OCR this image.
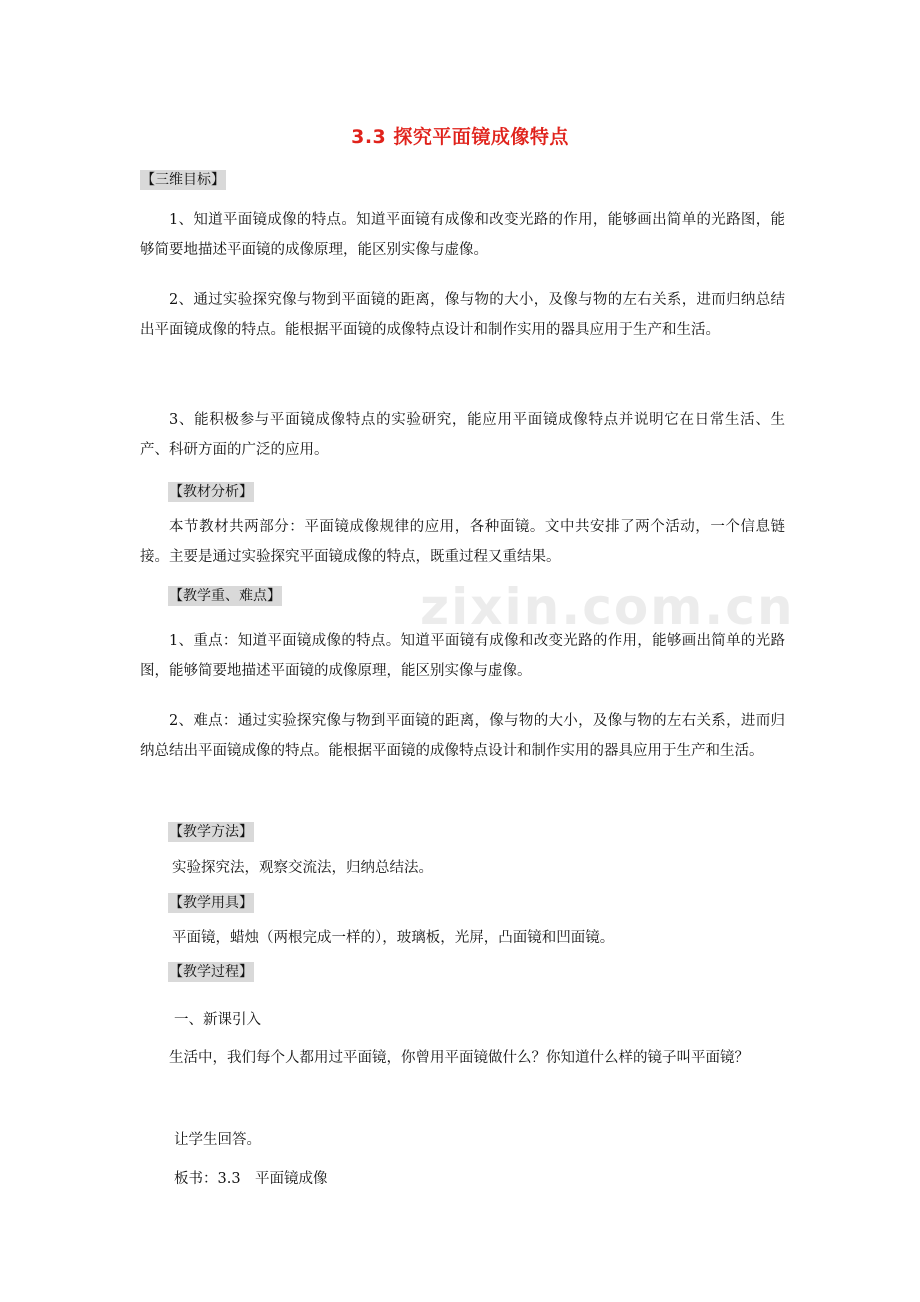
3.3 探究平面镜成像特点
zixin.com.cn
【三维目标】

1、知道平面镜成像的特点。知道平面镜有成像和改变光路的作用，能够画出简单的光路图，能够简要地描述平面镜的成像原理，能区别实像与虚像。

2、通过实验探究像与物到平面镜的距离，像与物的大小，及像与物的左右关系，进而归纳总结出平面镜成像的特点。能根据平面镜的成像特点设计和制作实用的器具应用于生产和生活。

3、能积极参与平面镜成像特点的实验研究，能应用平面镜成像特点并说明它在日常生活、生产、科研方面的广泛的应用。

【教材分析】

本节教材共两部分：平面镜成像规律的应用，各种面镜。文中共安排了两个活动，一个信息链接。主要是通过实验探究平面镜成像的特点，既重过程又重结果。

【教学重、难点】

1、重点：知道平面镜成像的特点。知道平面镜有成像和改变光路的作用，能够画出简单的光路图，能够简要地描述平面镜的成像原理，能区别实像与虚像。

2、难点：通过实验探究像与物到平面镜的距离，像与物的大小，及像与物的左右关系，进而归纳总结出平面镜成像的特点。能根据平面镜的成像特点设计和制作实用的器具应用于生产和生活。

【教学方法】
实验探究法，观察交流法，归纳总结法。
【教学用具】
平面镜，蜡烛（两根完成一样的），玻璃板，光屏，凸面镜和凹面镜。
【教学过程】
一、新课引入

生活中，我们每个人都用过平面镜，你曾用平面镜做什么？你知道什么样的镜子叫平面镜？

让学生回答。
板书：3.3　平面镜成像
